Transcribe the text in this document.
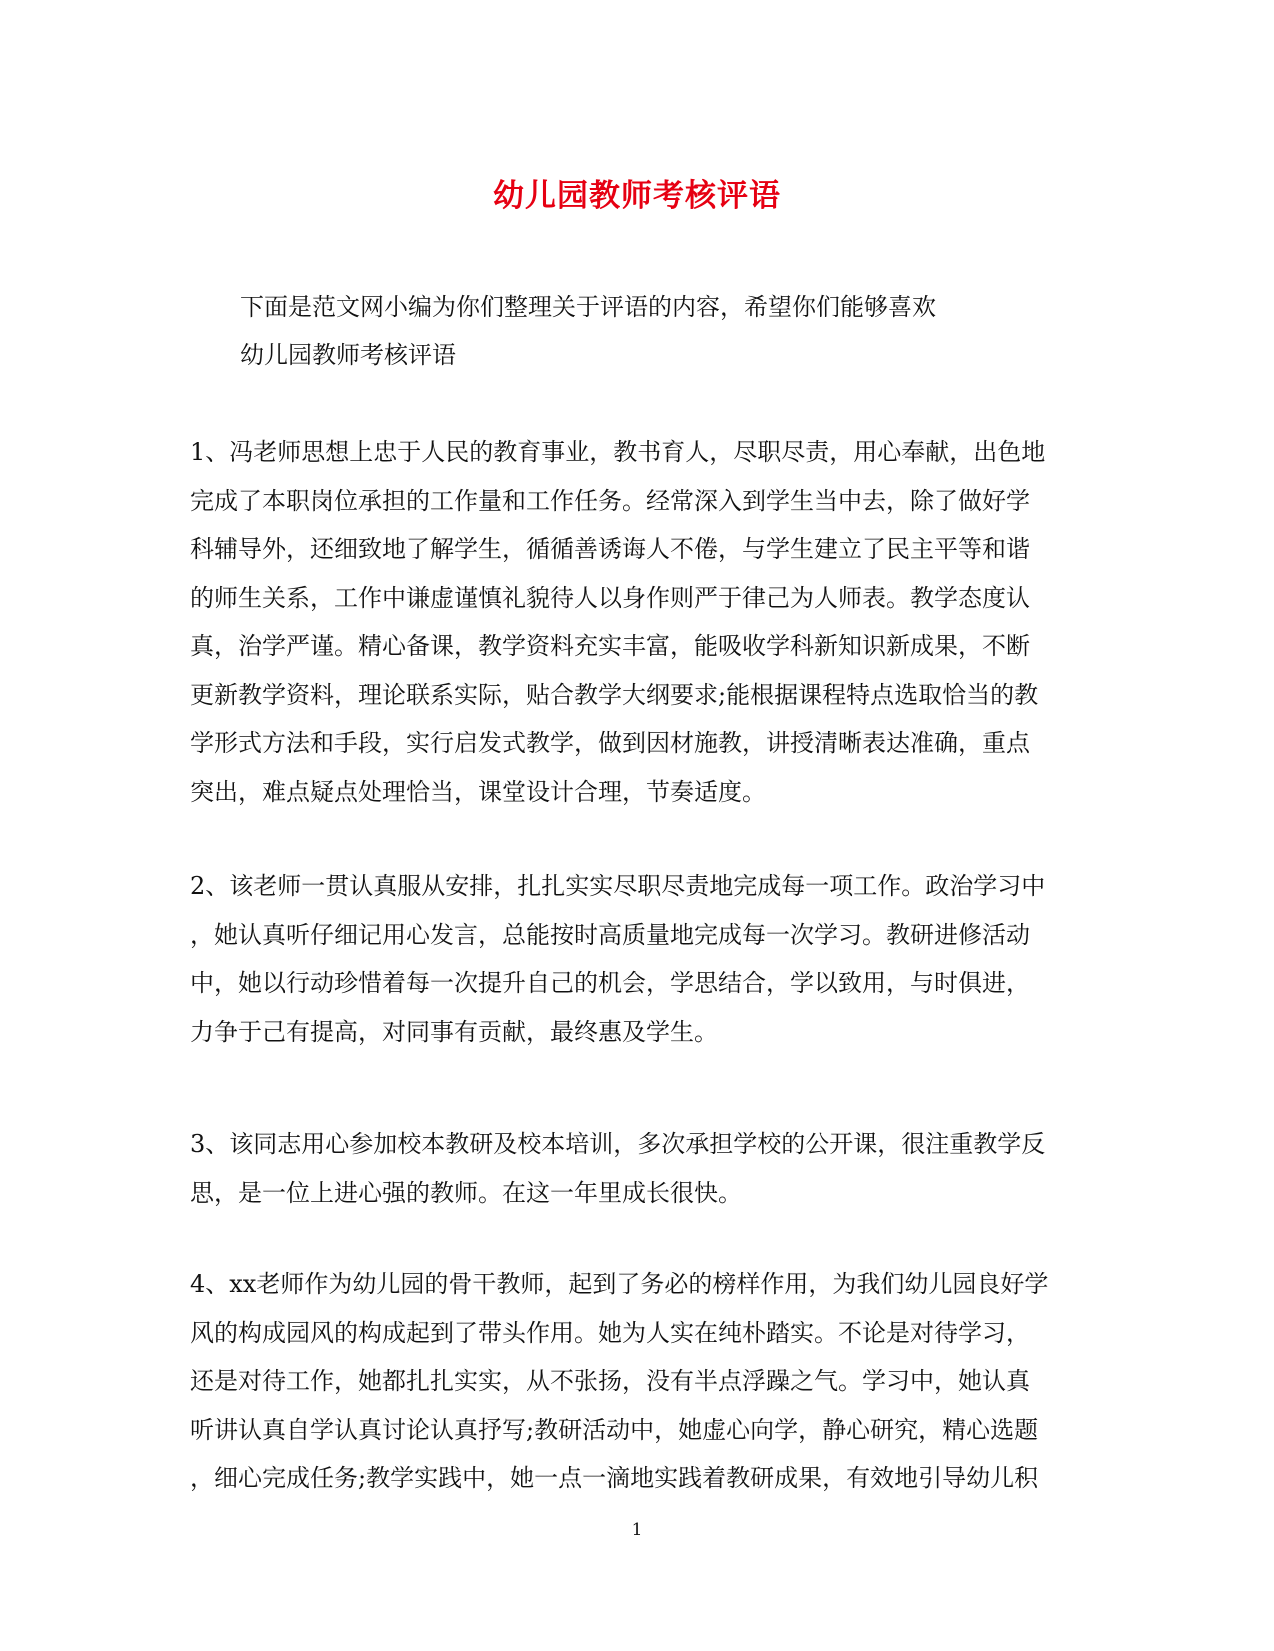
幼儿园教师考核评语
下面是范文网小编为你们整理关于评语的内容，希望你们能够喜欢
幼儿园教师考核评语
1、冯老师思想上忠于人民的教育事业，教书育人，尽职尽责，用心奉献，出色地
完成了本职岗位承担的工作量和工作任务。经常深入到学生当中去，除了做好学
科辅导外，还细致地了解学生，循循善诱诲人不倦，与学生建立了民主平等和谐
的师生关系，工作中谦虚谨慎礼貌待人以身作则严于律己为人师表。教学态度认
真，治学严谨。精心备课，教学资料充实丰富，能吸收学科新知识新成果，不断
更新教学资料，理论联系实际，贴合教学大纲要求;能根据课程特点选取恰当的教
学形式方法和手段，实行启发式教学，做到因材施教，讲授清晰表达准确，重点
突出，难点疑点处理恰当，课堂设计合理，节奏适度。
2、该老师一贯认真服从安排，扎扎实实尽职尽责地完成每一项工作。政治学习中
，她认真听仔细记用心发言，总能按时高质量地完成每一次学习。教研进修活动
中，她以行动珍惜着每一次提升自己的机会，学思结合，学以致用，与时俱进，
力争于己有提高，对同事有贡献，最终惠及学生。
3、该同志用心参加校本教研及校本培训，多次承担学校的公开课，很注重教学反
思，是一位上进心强的教师。在这一年里成长很快。
4、xx老师作为幼儿园的骨干教师，起到了务必的榜样作用，为我们幼儿园良好学
风的构成园风的构成起到了带头作用。她为人实在纯朴踏实。不论是对待学习，
还是对待工作，她都扎扎实实，从不张扬，没有半点浮躁之气。学习中，她认真
听讲认真自学认真讨论认真抒写;教研活动中，她虚心向学，静心研究，精心选题
，细心完成任务;教学实践中，她一点一滴地实践着教研成果，有效地引导幼儿积
1
